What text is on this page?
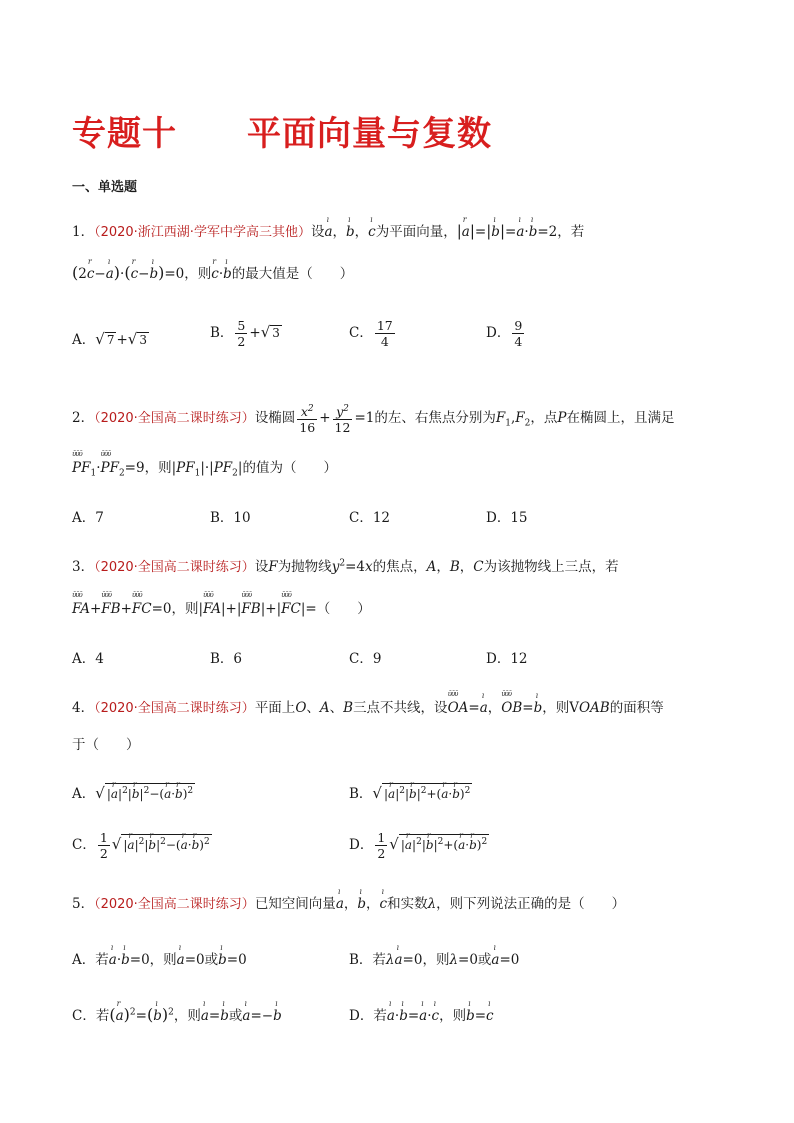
专题十 平面向量与复数
一、单选题
1．（2020·浙江西湖·学军中学高三其他）设ı a，ı b，ı c为平面向量，|r a|=|ı b|=ı a·ı b=2，若
(2r c−ı a)·(r c−ı b)=0，则r c·ı b的最大值是（　　）
A．√ 7 +√ 3	B． $\frac{5}{2}$ +√ 3	C． $\frac{17}{4}$	D． $\frac{9}{4}$
2．（2020·全国高二课时练习）设椭圆 $\frac{x^2}{16} + \frac{y^2}{12} =1$的左、右焦点分别为$F_1,F_2$，点P在椭圆上，且满足
ῦῦῦ $PF_1\cdot ῦῦῦ$ $PF_2=9$，则$|PF_1|\cdot|PF_2|$的值为（　　）
A．7	B．10	C．12	D．15
3．（2020·全国高二课时练习）设F为抛物线$y^2=4x$的焦点，A，B，C为该抛物线上三点，若
ῦῦῦ FA+ῦῦῦ FB+ῦῦῦ FC=0，则|ῦῦῦ FA|+|ῦῦῦ FB|+|ῦῦῦ FC|=（　　）
A．4	B．6	C．9	D．12
4．（2020·全国高二课时练习）平面上O、A、B三点不共线，设ῦῦῦ OA=ı a，ῦῦῦ OB=ı b，则VOAB的面积等
于（　　）
A．√ |r $a|^2|r$ $b|^2-(r$ a·r b)$^2$	B．√ |r $a|^2|r$ $b|^2+(r$ a·r b)$^2$
C． $\frac{1}{2}$ √ |r $a|^2|r$ $b|^2-(r$ a·r b)$^2$	D． $\frac{1}{2}$ √ |r $a|^2|r$ $b|^2+(r$ a·r b)$^2$
5．（2020·全国高二课时练习）已知空间向量ı a，ı b，ı c和实数λ，则下列说法正确的是（　　）
A．若ı a·ı b=0，则ı a=0或ı b=0	B．若λı a=0，则λ=0或ı a=0
C．若(r a)$^2$=(ı b)$^2$，则ı a=ı b或ı a=−ı b	D．若ı a·ı b=ı a·ı c，则ı b=ı c
